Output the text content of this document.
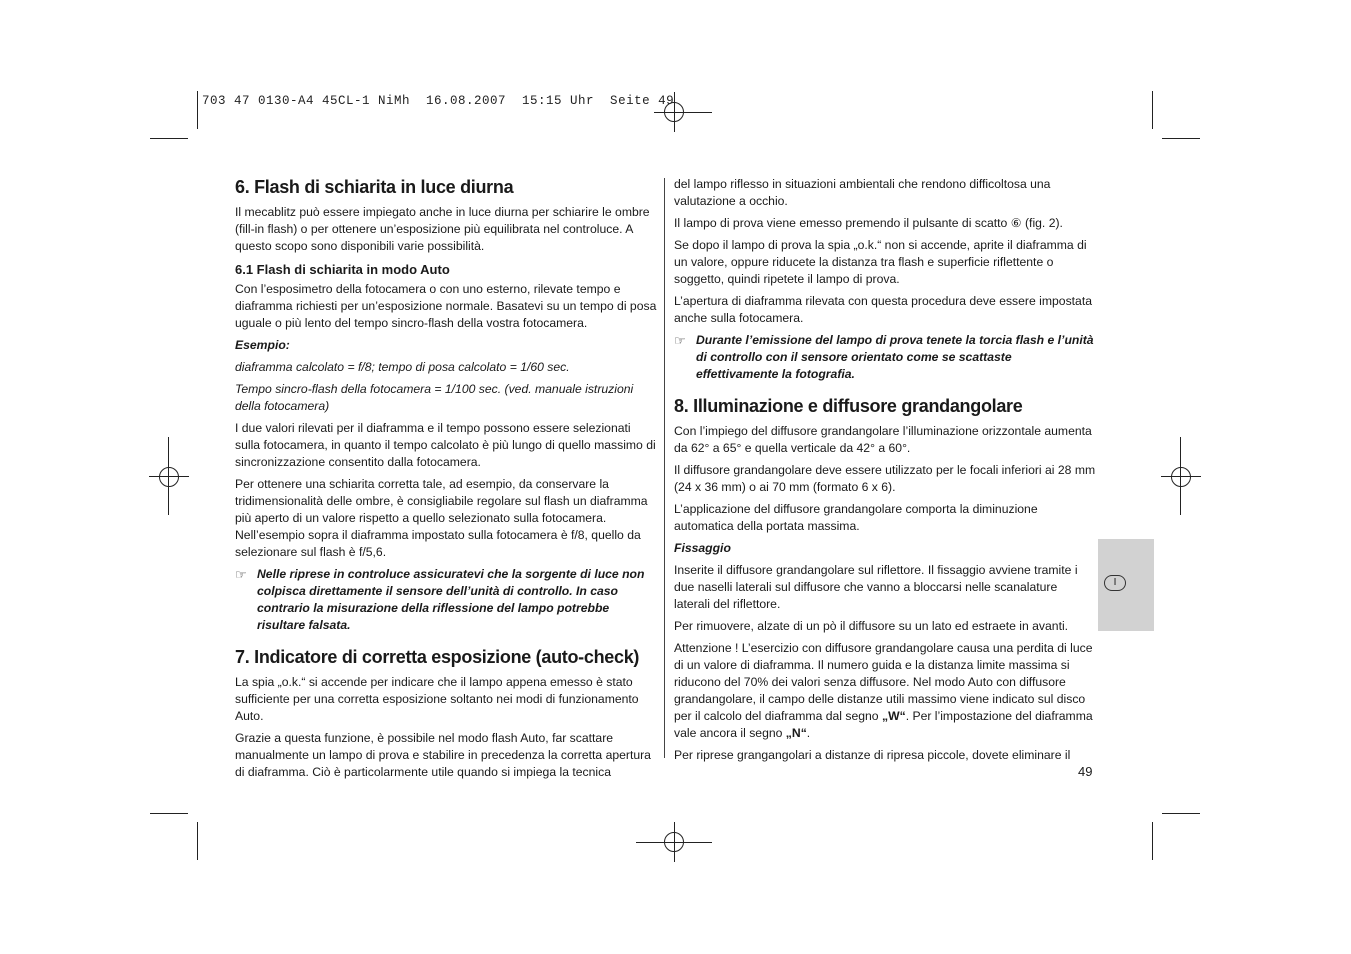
703 47 0130-A4 45CL-1 NiMh  16.08.2007  15:15 Uhr  Seite 49
6. Flash di schiarita in luce diurna

Il mecablitz può essere impiegato anche in luce diurna per schiarire le ombre (fill-in flash) o per ottenere un’esposizione più equilibrata nel controluce. A questo scopo sono disponibili varie possibilità.

6.1 Flash di schiarita in modo Auto

Con l’esposimetro della fotocamera o con uno esterno, rilevate tempo e diaframma richiesti per un’esposizione normale. Basatevi su un tempo di posa uguale o più lento del tempo sincro-flash della vostra fotocamera.

Esempio:

diaframma calcolato = f/8; tempo di posa calcolato = 1/60 sec.

Tempo sincro-flash della fotocamera = 1/100 sec. (ved. manuale istruzioni della fotocamera)

I due valori rilevati per il diaframma e il tempo possono essere selezionati sulla fotocamera, in quanto il tempo calcolato è più lungo di quello massimo di sincronizzazione consentito dalla fotocamera.

Per ottenere una schiarita corretta tale, ad esempio, da conservare la tridimensionalità delle ombre, è consigliabile regolare sul flash un diaframma più aperto di un valore rispetto a quello selezionato sulla fotocamera. Nell’esempio sopra il diaframma impostato sulla fotocamera è f/8, quello da selezionare sul flash è f/5,6.

☞ Nelle riprese in controluce assicuratevi che la sorgente di luce non colpisca direttamente il sensore dell’unità di controllo. In caso contrario la misurazione della riflessione del lampo potrebbe risultare falsata.
7. Indicatore di corretta esposizione (auto-check)

La spia „o.k.“ si accende per indicare che il lampo appena emesso è stato sufficiente per una corretta esposizione soltanto nei modi di funzionamento Auto.

Grazie a questa funzione, è possibile nel modo flash Auto, far scattare manualmente un lampo di prova e stabilire in precedenza la corretta apertura di diaframma. Ciò è particolarmente utile quando si impiega la tecnica

del lampo riflesso in situazioni ambientali che rendono difficoltosa una valutazione a occhio.

Il lampo di prova viene emesso premendo il pulsante di scatto ⑥ (fig. 2).

Se dopo il lampo di prova la spia „o.k.“ non si accende, aprite il diaframma di un valore, oppure riducete la distanza tra flash e superficie riflettente o soggetto, quindi ripetete il lampo di prova.

L’apertura di diaframma rilevata con questa procedura deve essere impostata anche sulla fotocamera.

☞ Durante l’emissione del lampo di prova tenete la torcia flash e l’unità di controllo con il sensore orientato come se scattaste effettivamente la fotografia.
8. Illuminazione e diffusore grandangolare

Con l’impiego del diffusore grandangolare l’illuminazione orizzontale aumenta da 62° a 65° e quella verticale da 42° a 60°.

Il diffusore grandangolare deve essere utilizzato per le focali inferiori ai 28 mm (24 x 36 mm) o ai 70 mm (formato 6 x 6).

L’applicazione del diffusore grandangolare comporta la diminuzione automatica della portata massima.

Fissaggio

Inserite il diffusore grandangolare sul riflettore. Il fissaggio avviene tramite i due naselli laterali sul diffusore che vanno a bloccarsi nelle scanalature laterali del riflettore.

Per rimuovere, alzate di un pò il diffusore su un lato ed estraete in avanti.

Attenzione ! L’esercizio con diffusore grandangolare causa una perdita di luce di un valore di diaframma. Il numero guida e la distanza limite massima si riducono del 70% dei valori senza diffusore. Nel modo Auto con diffusore grandangolare, il campo delle distanze utili massimo viene indicato sul disco per il calcolo del diaframma dal segno „W“. Per l’impostazione del diaframma vale ancora il segno „N“.

Per riprese grangangolari a distanze di ripresa piccole, dovete eliminare il

I
49
